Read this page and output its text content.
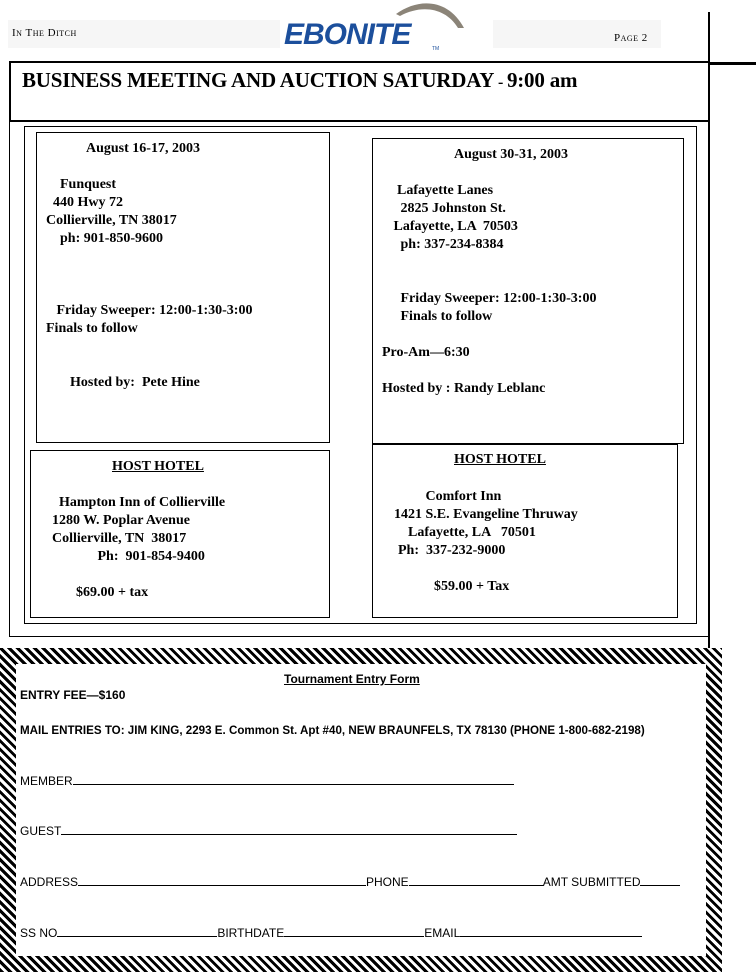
In The Ditch	Page 2
EBONITE	TM
BUSINESS MEETING AND AUCTION SATURDAY - 9:00 am
August 16-17, 2003
Funquest
440 Hwy 72
Collierville, TN 38017
ph: 901-850-9600
Friday Sweeper: 12:00-1:30-3:00
Finals to follow
Hosted by:  Pete Hine
August 30-31, 2003
Lafayette Lanes
2825 Johnston St.
Lafayette, LA  70503
ph: 337-234-8384
Friday Sweeper: 12:00-1:30-3:00
Finals to follow
Pro-Am—6:30
Hosted by : Randy Leblanc
HOST HOTEL
Hampton Inn of Collierville
1280 W. Poplar Avenue
Collierville, TN  38017
Ph:  901-854-9400
$69.00 + tax
HOST HOTEL
Comfort Inn
1421 S.E. Evangeline Thruway
Lafayette, LA   70501
Ph:  337-232-9000
$59.00 + Tax
Tournament Entry Form
ENTRY FEE—$160
MAIL ENTRIES TO: JIM KING, 2293 E. Common St. Apt #40, NEW BRAUNFELS, TX 78130 (PHONE 1-800-682-2198)
MEMBER
GUEST
ADDRESS	PHONE	AMT SUBMITTED
SS NO	BIRTHDATE	EMAIL
